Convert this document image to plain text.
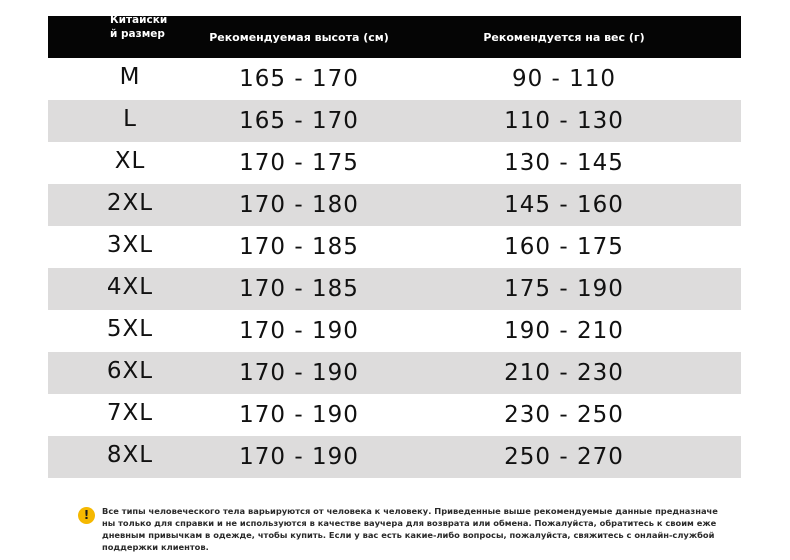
Китайский размер	Рекомендуемая высота (см)	Рекомендуется на вес (г)
M	165 - 170	90 - 110
L	165 - 170	110 - 130
XL	170 - 175	130 - 145
2XL	170 - 180	145 - 160
3XL	170 - 185	160 - 175
4XL	170 - 185	175 - 190
5XL	170 - 190	190 - 210
6XL	170 - 190	210 - 230
7XL	170 - 190	230 - 250
8XL	170 - 190	250 - 270
!	Все типы человеческого тела варьируются от человека к человеку. Приведенные выше рекомендуемые данные предназначены только для справки и не используются в качестве ваучера для возврата или обмена. Пожалуйста, обратитесь к своим ежедневным привычкам в одежде, чтобы купить. Если у вас есть какие-либо вопросы, пожалуйста, свяжитесь с онлайн-службой поддержки клиентов.
